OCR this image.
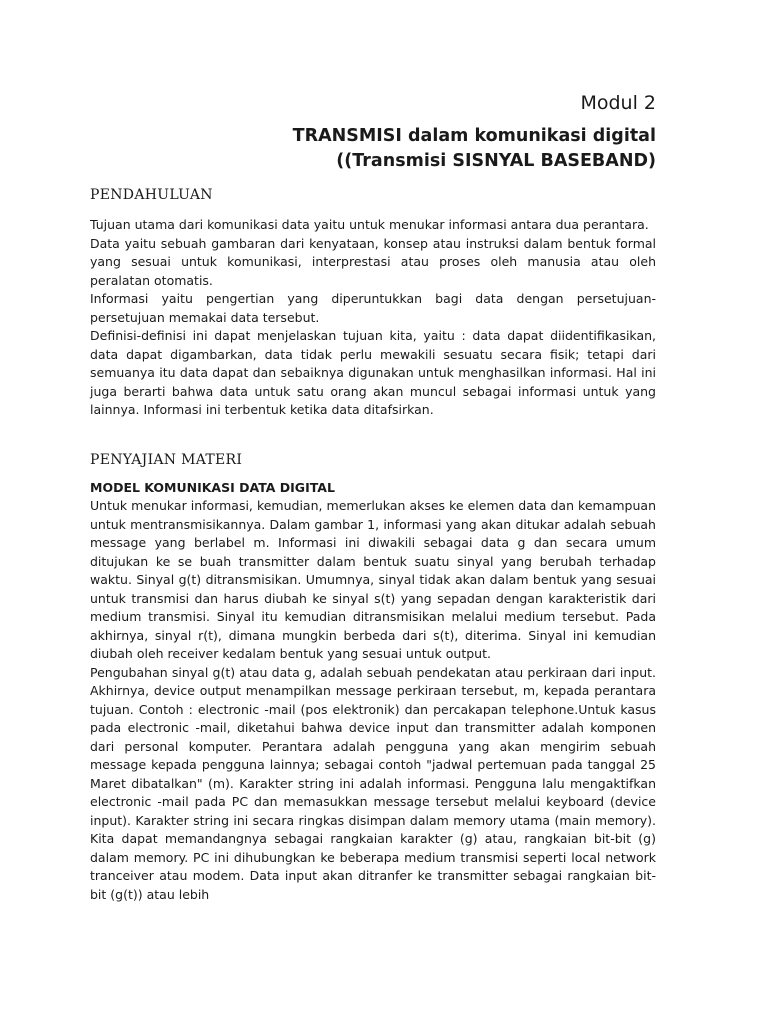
Modul 2
TRANSMISI dalam komunikasi digital
((Transmisi SISNYAL BASEBAND)
PENDAHULUAN

Tujuan utama dari komunikasi data yaitu untuk menukar informasi antara dua perantara.

Data yaitu sebuah gambaran dari kenyataan, konsep atau instruksi dalam bentuk formal yang sesuai untuk komunikasi, interprestasi atau proses oleh manusia atau oleh peralatan otomatis.

Informasi yaitu pengertian yang diperuntukkan bagi data dengan persetujuan-persetujuan memakai data tersebut.

Definisi-definisi ini dapat menjelaskan tujuan kita, yaitu : data dapat diidentifikasikan, data dapat digambarkan, data tidak perlu mewakili sesuatu secara fisik; tetapi dari semuanya itu data dapat dan sebaiknya digunakan untuk menghasilkan informasi. Hal ini juga berarti bahwa data untuk satu orang akan muncul sebagai informasi untuk yang lainnya. Informasi ini terbentuk ketika data ditafsirkan.

PENYAJIAN MATERI
MODEL KOMUNIKASI DATA DIGITAL

Untuk menukar informasi, kemudian, memerlukan akses ke elemen data dan kemampuan untuk mentransmisikannya. Dalam gambar 1, informasi yang akan ditukar adalah sebuah message yang berlabel m. Informasi ini diwakili sebagai data g dan secara umum ditujukan ke se buah transmitter dalam bentuk suatu sinyal yang berubah terhadap waktu. Sinyal g(t) ditransmisikan. Umumnya, sinyal tidak akan dalam bentuk yang sesuai untuk transmisi dan harus diubah ke sinyal s(t) yang sepadan dengan karakteristik dari medium transmisi. Sinyal itu kemudian ditransmisikan melalui medium tersebut. Pada akhirnya, sinyal r(t), dimana mungkin berbeda dari s(t), diterima. Sinyal ini kemudian diubah oleh receiver kedalam bentuk yang sesuai untuk output.

Pengubahan sinyal g(t) atau data g, adalah sebuah pendekatan atau perkiraan dari input. Akhirnya, device output menampilkan message perkiraan tersebut, m, kepada perantara tujuan. Contoh : electronic -mail (pos elektronik) dan percakapan telephone.Untuk kasus pada electronic -mail, diketahui bahwa device input dan transmitter adalah komponen dari personal komputer. Perantara adalah pengguna yang akan mengirim sebuah message kepada pengguna lainnya; sebagai contoh "jadwal pertemuan pada tanggal 25 Maret dibatalkan" (m). Karakter string ini adalah informasi. Pengguna lalu mengaktifkan electronic -mail pada PC dan memasukkan message tersebut melalui keyboard (device input). Karakter string ini secara ringkas disimpan dalam memory utama (main memory). Kita dapat memandangnya sebagai rangkaian karakter (g) atau, rangkaian bit-bit (g) dalam memory. PC ini dihubungkan ke beberapa medium transmisi seperti local network tranceiver atau modem. Data input akan ditranfer ke transmitter sebagai rangkaian bit-bit (g(t)) atau lebih
